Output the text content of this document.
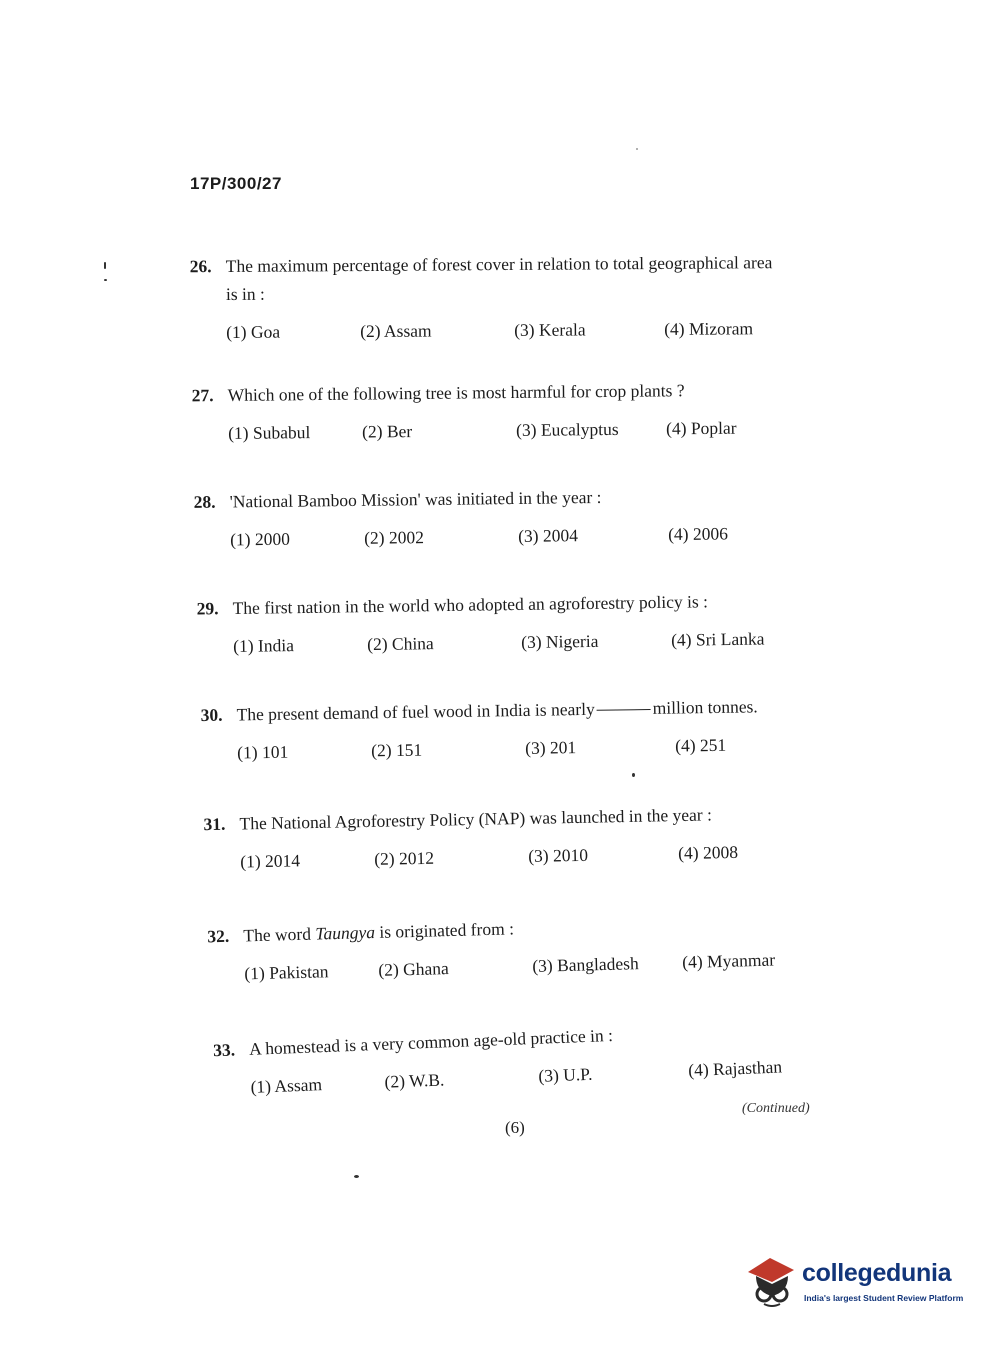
17P/300/27
26. The maximum percentage of forest cover in relation to total geographical area
is in :
(1) Goa	(2) Assam	(3) Kerala	(4) Mizoram
27. Which one of the following tree is most harmful for crop plants ?
(1) Subabul	(2) Ber	(3) Eucalyptus	(4) Poplar
28. 'National Bamboo Mission' was initiated in the year :
(1) 2000	(2) 2002	(3) 2004	(4) 2006
29. The first nation in the world who adopted an agroforestry policy is :
(1) India	(2) China	(3) Nigeria	(4) Sri Lanka
30. The present demand of fuel wood in India is nearly	million tonnes.
(1) 101	(2) 151	(3) 201	(4) 251
31. The National Agroforestry Policy (NAP) was launched in the year :
(1) 2014	(2) 2012	(3) 2010	(4) 2008
32. The word Taungya is originated from :
(1) Pakistan	(2) Ghana	(3) Bangladesh (4) Myanmar
33. A homestead is a very common age-old practice in :
(1) Assam	(2) W.B.	(3) U.P.	(4) Rajasthan
(Continued)
(6)
collegedunia
India's largest Student Review Platform
